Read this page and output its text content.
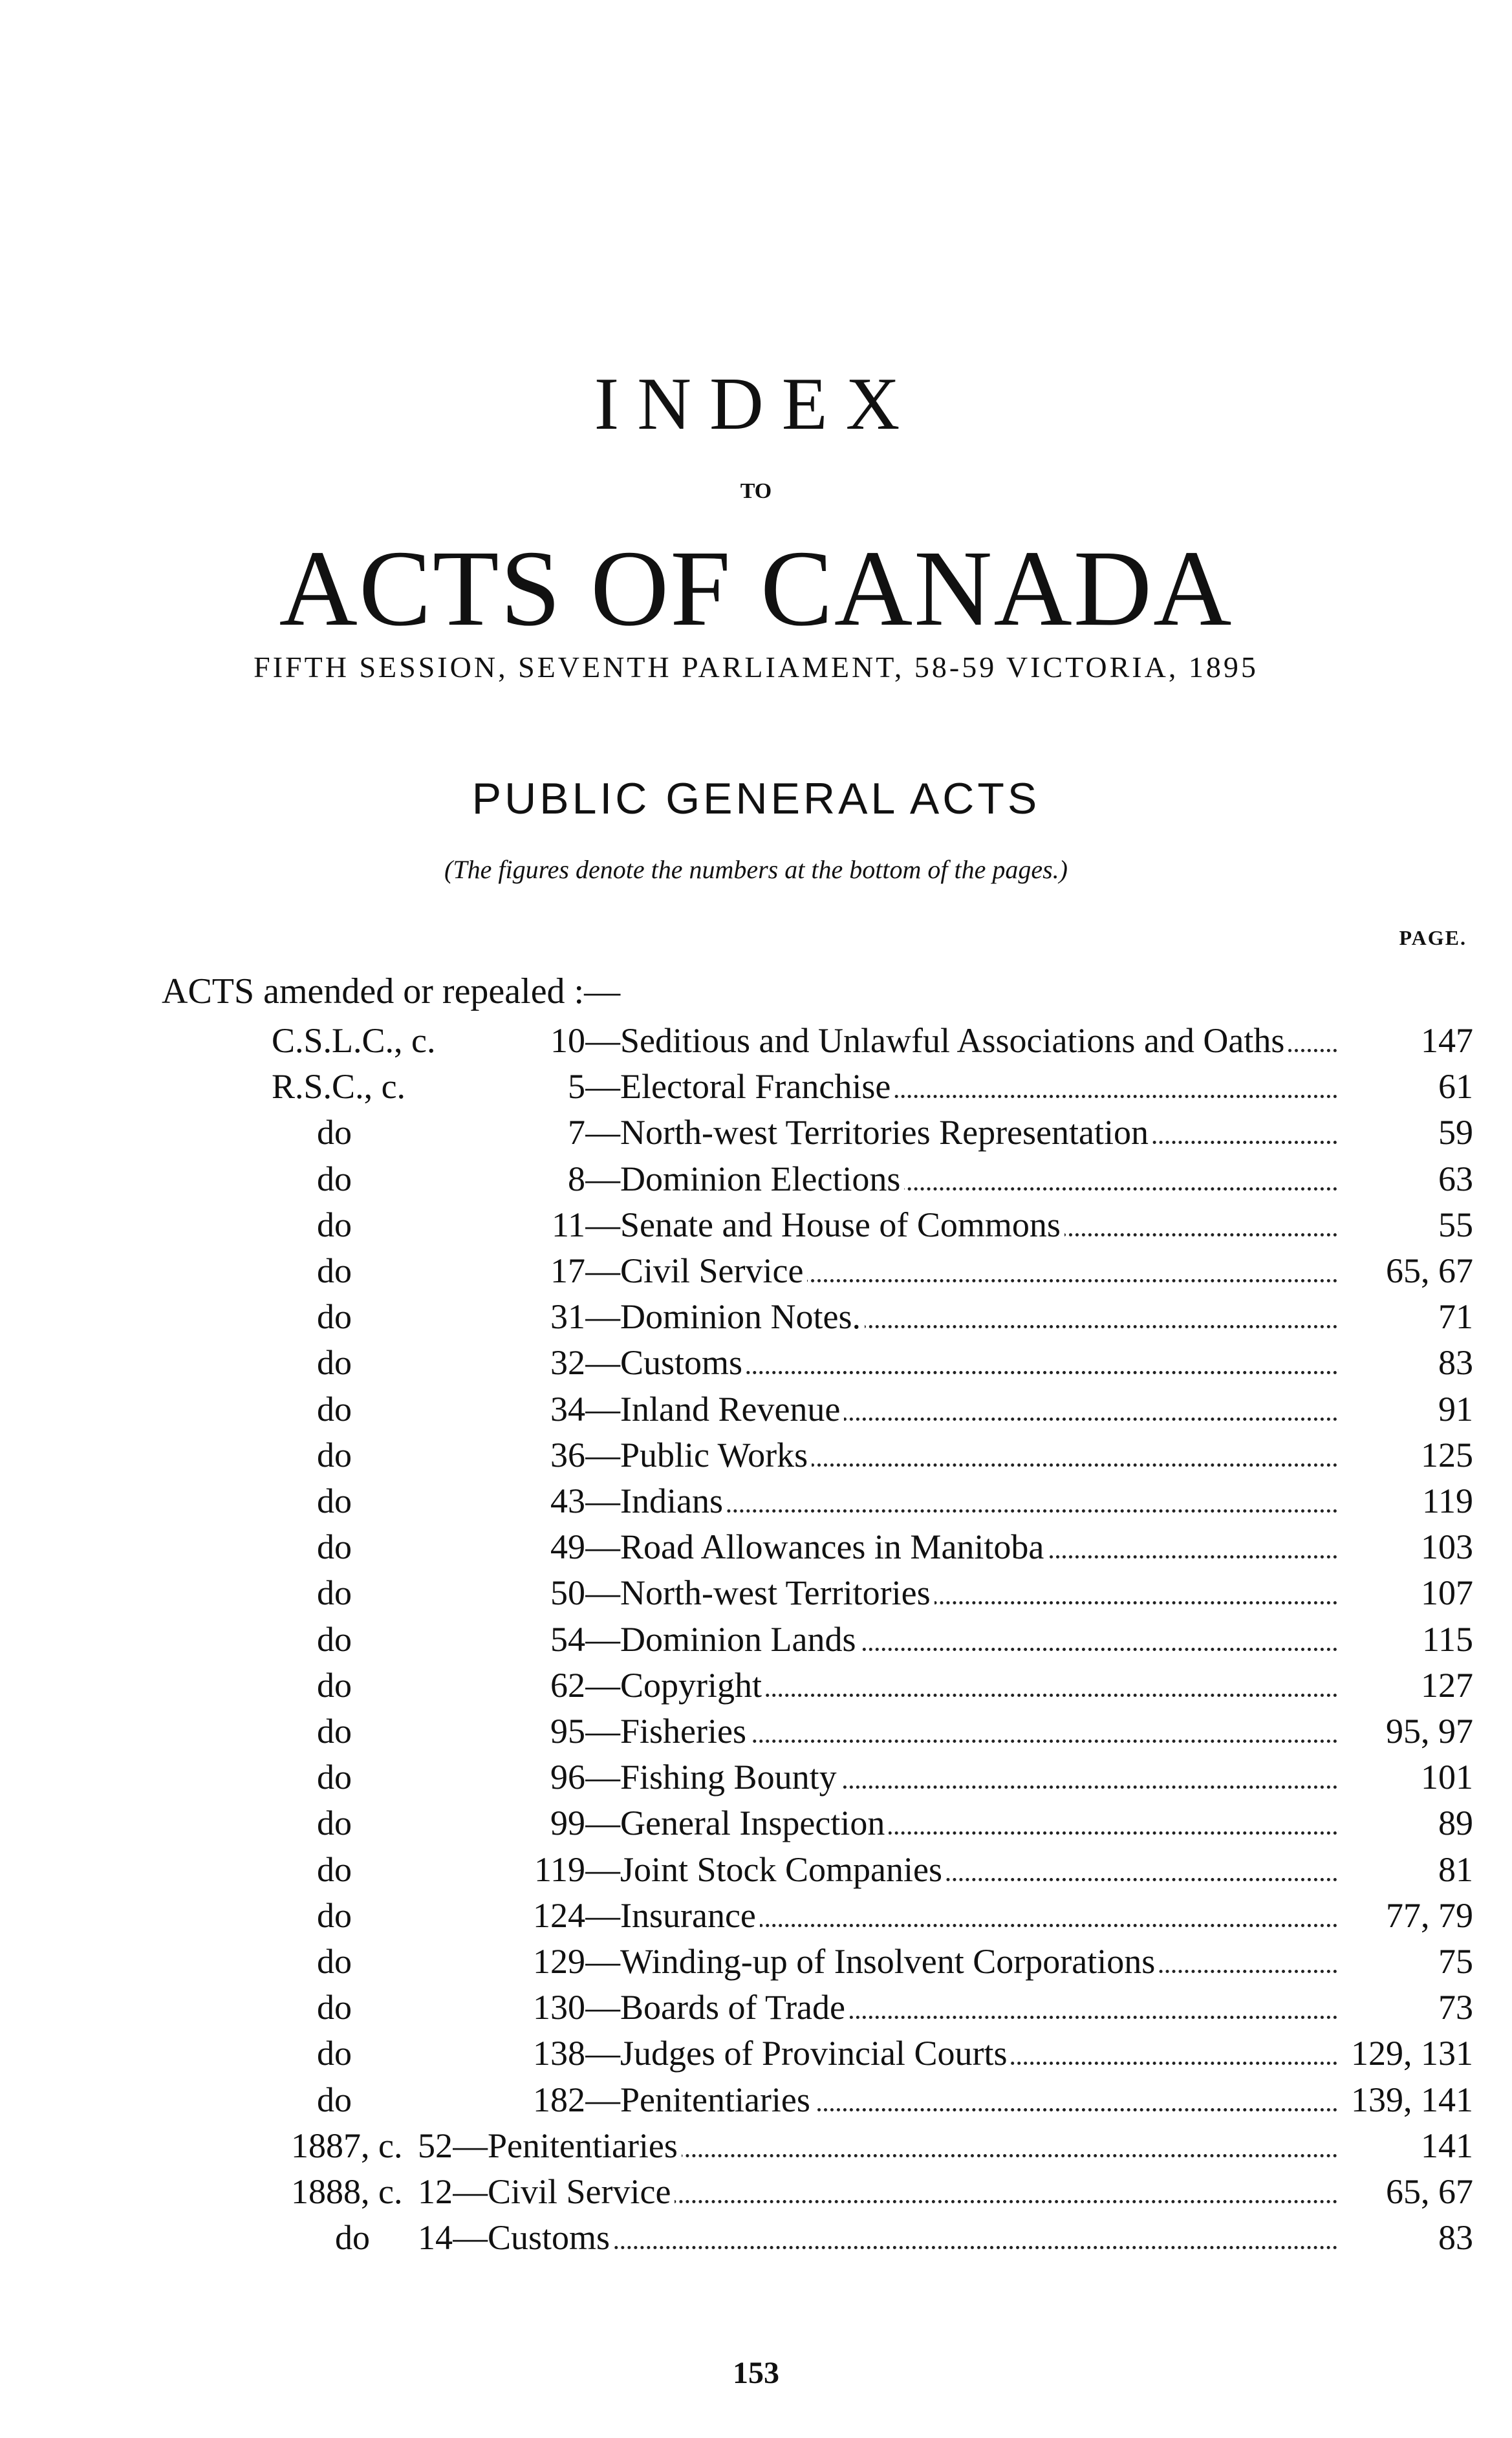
INDEX
TO
ACTS OF CANADA
FIFTH SESSION, SEVENTH PARLIAMENT, 58-59 VICTORIA, 1895
PUBLIC GENERAL ACTS
(The figures denote the numbers at the bottom of the pages.)
PAGE.
ACTS amended or repealed :—
C.S.L.C., c.	10 —Seditious and Unlawful Associations and Oaths	147
R.S.C., c.	5 —Electoral Franchise	61
do	7 —North-west Territories Representation	59
do	8 —Dominion Elections	63
do	11 —Senate and House of Commons	55
do	17 —Civil Service	65, 67
do	31 —Dominion Notes.	71
do	32 —Customs	83
do	34 —Inland Revenue	91
do	36 —Public Works	125
do	43 —Indians	119
do	49 —Road Allowances in Manitoba	103
do	50 —North-west Territories	107
do	54 —Dominion Lands	115
do	62 —Copyright	127
do	95 —Fisheries	95, 97
do	96 —Fishing Bounty	101
do	99 —General Inspection	89
do	119 —Joint Stock Companies	81
do	124 —Insurance	77, 79
do	129 —Winding-up of Insolvent Corporations	75
do	130 —Boards of Trade	73
do	138 —Judges of Provincial Courts	129, 131
do	182 —Penitentiaries	139, 141
1887, c. 52 —Penitentiaries	141
1888, c. 12 —Civil Service	65, 67
do	14 —Customs	83
153
